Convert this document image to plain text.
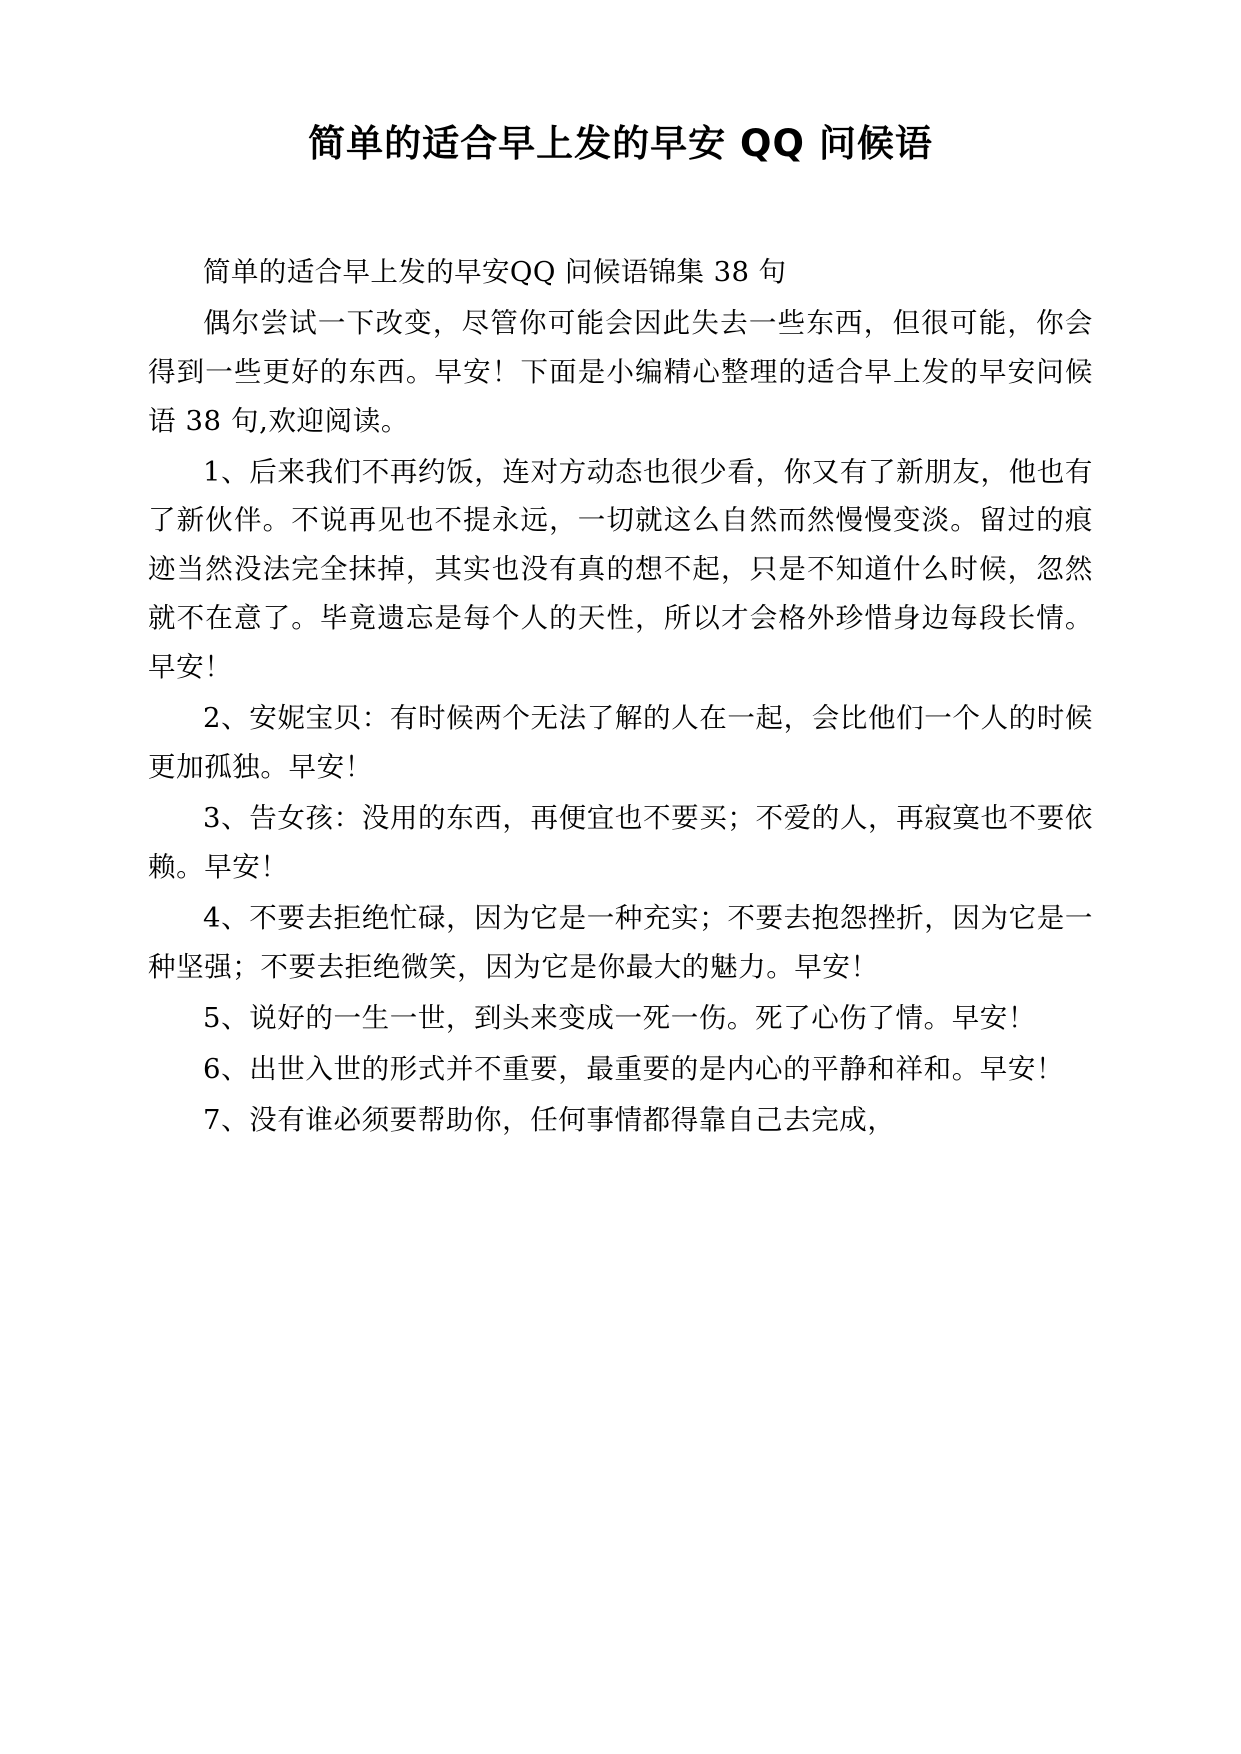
简单的适合早上发的早安 QQ 问候语

简单的适合早上发的早安QQ 问候语锦集 38 句

偶尔尝试一下改变，尽管你可能会因此失去一些东西，但很可能，你会得到一些更好的东西。早安！下面是小编精心整理的适合早上发的早安问候语 38 句,欢迎阅读。

1、后来我们不再约饭，连对方动态也很少看，你又有了新朋友，他也有了新伙伴。不说再见也不提永远，一切就这么自然而然慢慢变淡。留过的痕迹当然没法完全抹掉，其实也没有真的想不起，只是不知道什么时候，忽然就不在意了。毕竟遗忘是每个人的天性，所以才会格外珍惜身边每段长情。早安！

2、安妮宝贝：有时候两个无法了解的人在一起，会比他们一个人的时候更加孤独。早安！

3、告女孩：没用的东西，再便宜也不要买；不爱的人，再寂寞也不要依赖。早安！

4、不要去拒绝忙碌，因为它是一种充实；不要去抱怨挫折，因为它是一种坚强；不要去拒绝微笑，因为它是你最大的魅力。早安！

5、说好的一生一世，到头来变成一死一伤。死了心伤了情。早安！

6、出世入世的形式并不重要，最重要的是内心的平静和祥和。早安！

7、没有谁必须要帮助你，任何事情都得靠自己去完成，
